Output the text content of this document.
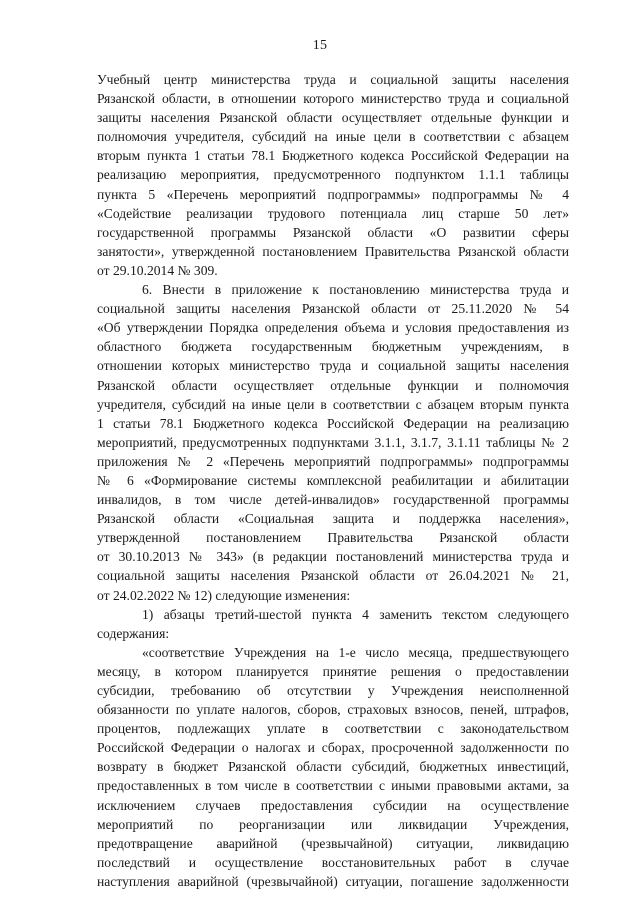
15
Учебный центр министерства труда и социальной защиты населения
Рязанской области, в отношении которого министерство труда и социальной
защиты населения Рязанской области осуществляет отдельные функции и
полномочия учредителя, субсидий на иные цели в соответствии с абзацем
вторым пункта 1 статьи 78.1 Бюджетного кодекса Российской Федерации на
реализацию мероприятия, предусмотренного подпунктом 1.1.1 таблицы
пункта 5 «Перечень мероприятий подпрограммы» подпрограммы № 4
«Содействие реализации трудового потенциала лиц старше 50 лет»
государственной программы Рязанской области «О развитии сферы
занятости», утвержденной постановлением Правительства Рязанской области
от 29.10.2014 № 309.
6. Внести в приложение к постановлению министерства труда и
социальной защиты населения Рязанской области от 25.11.2020 № 54
«Об утверждении Порядка определения объема и условия предоставления из
областного бюджета государственным бюджетным учреждениям, в
отношении которых министерство труда и социальной защиты населения
Рязанской области осуществляет отдельные функции и полномочия
учредителя, субсидий на иные цели в соответствии с абзацем вторым пункта
1 статьи 78.1 Бюджетного кодекса Российской Федерации на реализацию
мероприятий, предусмотренных подпунктами 3.1.1, 3.1.7, 3.1.11 таблицы № 2
приложения № 2 «Перечень мероприятий подпрограммы» подпрограммы
№ 6 «Формирование системы комплексной реабилитации и абилитации
инвалидов, в том числе детей-инвалидов» государственной программы
Рязанской области «Социальная защита и поддержка населения»,
утвержденной постановлением Правительства Рязанской области
от 30.10.2013 № 343» (в редакции постановлений министерства труда и
социальной защиты населения Рязанской области от 26.04.2021 № 21,
от 24.02.2022 № 12) следующие изменения:
1) абзацы третий-шестой пункта 4 заменить текстом следующего
содержания:
«соответствие Учреждения на 1-е число месяца, предшествующего
месяцу, в котором планируется принятие решения о предоставлении
субсидии, требованию об отсутствии у Учреждения неисполненной
обязанности по уплате налогов, сборов, страховых взносов, пеней, штрафов,
процентов, подлежащих уплате в соответствии с законодательством
Российской Федерации о налогах и сборах, просроченной задолженности по
возврату в бюджет Рязанской области субсидий, бюджетных инвестиций,
предоставленных в том числе в соответствии с иными правовыми актами, за
исключением случаев предоставления субсидии на осуществление
мероприятий по реорганизации или ликвидации Учреждения,
предотвращение аварийной (чрезвычайной) ситуации, ликвидацию
последствий и осуществление восстановительных работ в случае
наступления аварийной (чрезвычайной) ситуации, погашение задолженности
